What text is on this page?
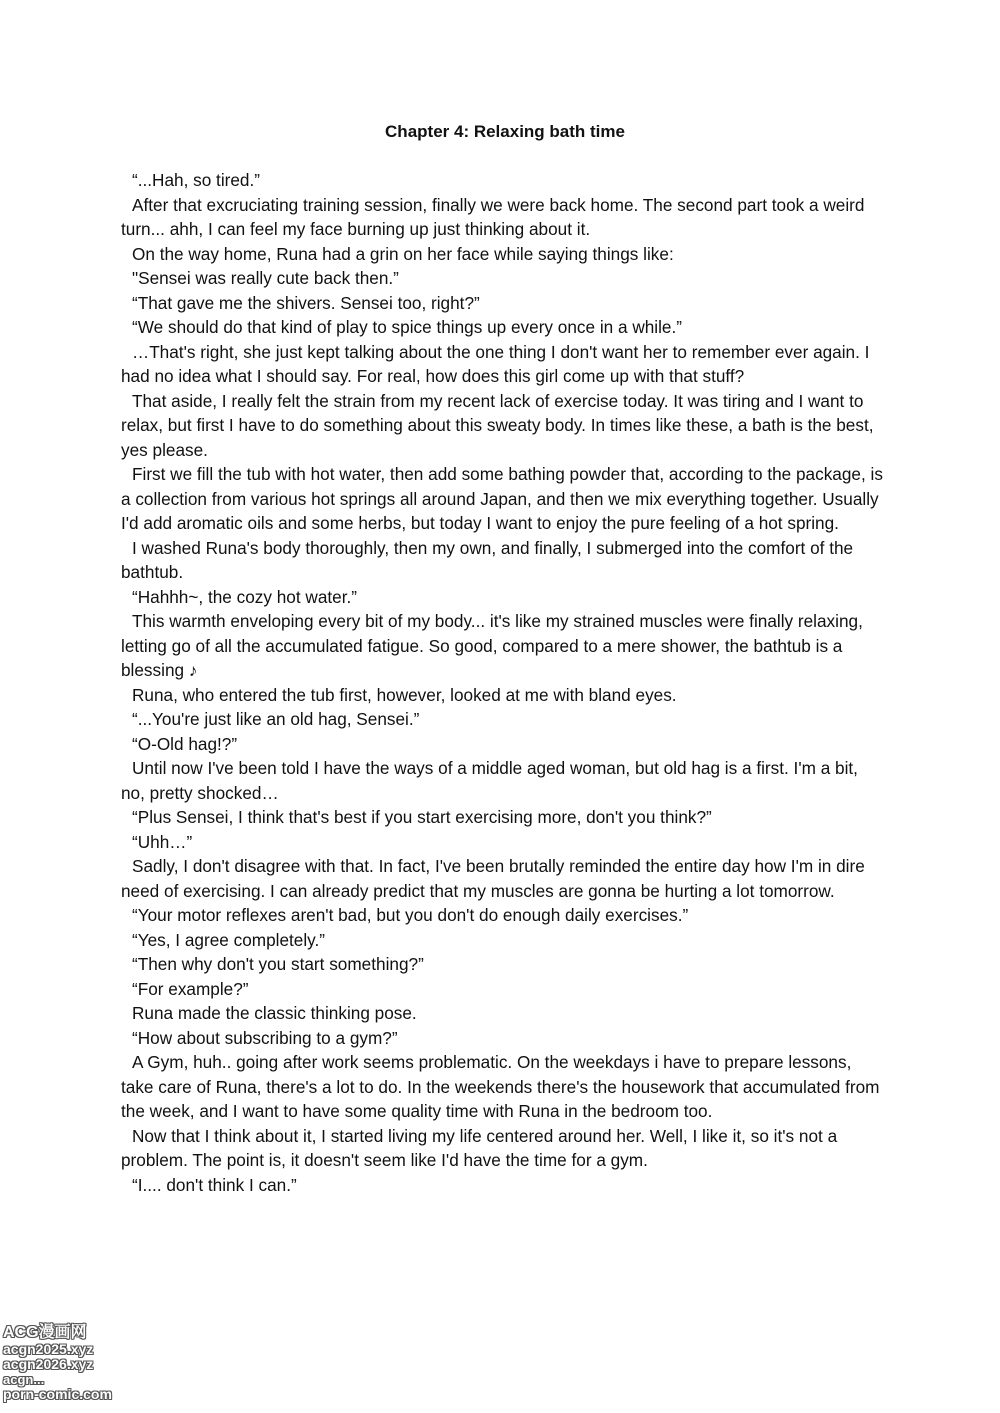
Chapter 4: Relaxing bath time

“...Hah, so tired.”

After that excruciating training session, finally we were back home. The second part took a weird turn... ahh, I can feel my face burning up just thinking about it.

On the way home, Runa had a grin on her face while saying things like:

"Sensei was really cute back then.”

“That gave me the shivers. Sensei too, right?”

“We should do that kind of play to spice things up every once in a while.”

…That's right, she just kept talking about the one thing I don't want her to remember ever again. I had no idea what I should say. For real, how does this girl come up with that stuff?

That aside, I really felt the strain from my recent lack of exercise today. It was tiring and I want to relax, but first I have to do something about this sweaty body. In times like these, a bath is the best, yes please.

First we fill the tub with hot water, then add some bathing powder that, according to the package, is a collection from various hot springs all around Japan, and then we mix everything together. Usually I'd add aromatic oils and some herbs, but today I want to enjoy the pure feeling of a hot spring.

I washed Runa's body thoroughly, then my own, and finally, I submerged into the comfort of the bathtub.

“Hahhh~, the cozy hot water.”

This warmth enveloping every bit of my body... it's like my strained muscles were finally relaxing, letting go of all the accumulated fatigue. So good, compared to a mere shower, the bathtub is a blessing ♪

Runa, who entered the tub first, however, looked at me with bland eyes.

“...You're just like an old hag, Sensei.”

“O-Old hag!?”

Until now I've been told I have the ways of a middle aged woman, but old hag is a first. I'm a bit, no, pretty shocked…

“Plus Sensei, I think that's best if you start exercising more, don't you think?”

“Uhh…”

Sadly, I don't disagree with that. In fact, I've been brutally reminded the entire day how I'm in dire need of exercising. I can already predict that my muscles are gonna be hurting a lot tomorrow.

“Your motor reflexes aren't bad, but you don't do enough daily exercises.”

“Yes, I agree completely.”

“Then why don't you start something?”

“For example?”

Runa made the classic thinking pose.

“How about subscribing to a gym?”

A Gym, huh.. going after work seems problematic. On the weekdays i have to prepare lessons, take care of Runa, there's a lot to do. In the weekends there's the housework that accumulated from the week, and I want to have some quality time with Runa in the bedroom too.

Now that I think about it, I started living my life centered around her. Well, I like it, so it's not a problem. The point is, it doesn't seem like I'd have the time for a gym.

“I.... don't think I can.”

ACG漫画网
acgn2025.xyz
acgn2026.xyz
acgn...
porn-comic.com
